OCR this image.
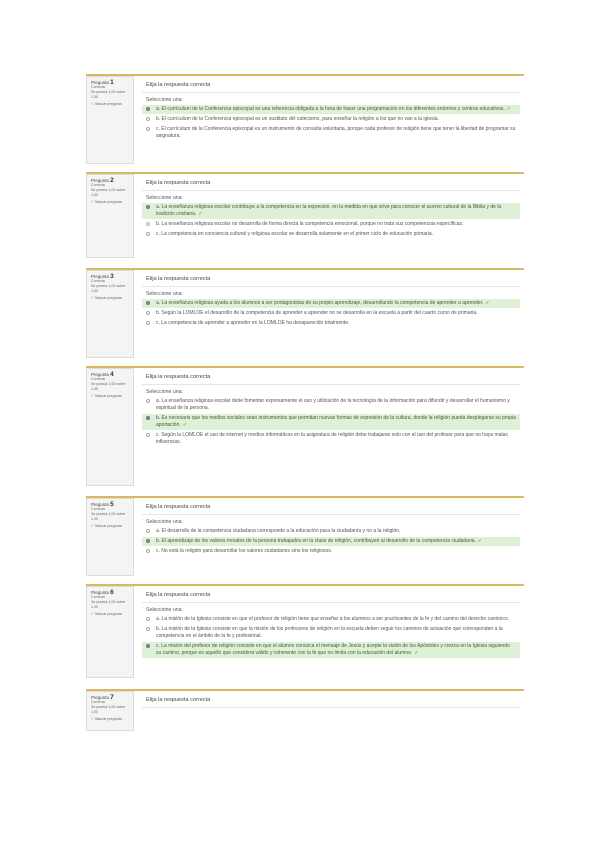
Pregunta 1
Correcta
Se puntúa 1,00 sobre 1,00
⚐ Marcar pregunta
Elija la respuesta correcta
Seleccione una:
a. El currículum de la Conferencia episcopal es una referencia obligada a la hora de hacer una programación en los diferentes entornos y centros educativos. ✓
b. El currículum de la Conferencia episcopal es un sustituto del catecismo, para enseñar la religión a los que no van a la iglesia.
c. El currículum de la Conferencia episcopal es un instrumento de consulta voluntaria, porque cada profesor de religión tiene que tener la libertad de programar su asignatura.
Pregunta 2
Correcta
Se puntúa 1,00 sobre 1,00
⚐ Marcar pregunta
Elija la respuesta correcta
Seleccione una:
a. La enseñanza religiosa escolar contribuye a la competencia en la expresión, en la medida en que sirve para conocer el acervo cultural de la Biblia y de la tradición cristiana. ✓
b. La enseñanza religiosa escolar no desarrolla de forma directa la competencia emocional, porque no trata sus competencias específicas.
c. La competencia en conciencia cultural y religiosa escolar se desarrolla solamente en el primer ciclo de educación primaria.
Pregunta 3
Correcta
Se puntúa 1,00 sobre 1,00
⚐ Marcar pregunta
Elija la respuesta correcta
Seleccione una:
a. La enseñanza religiosa ayuda a los alumnos a ser protagonistas de su propio aprendizaje, desarrollando la competencia de aprender a aprender. ✓
b. Según la LOMLOE el desarrollo de la competencia de aprender a aprender no se desarrolla en la escuela a partir del cuarto curso de primaria.
c. La competencia de aprender a aprender en la LOMLOE ha desaparecido totalmente.
Pregunta 4
Correcta
Se puntúa 1,00 sobre 1,00
⚐ Marcar pregunta
Elija la respuesta correcta
Seleccione una:
a. La enseñanza religiosa escolar debe fomentar expresamente el uso y utilización de la tecnología de la información para difundir y desarrollar el humanismo y espiritual de la persona.
b. Es necesario que los medios sociales sean instrumentos que permitan nuevas formas de expresión de la cultura, donde la religión pueda desplegarse su propia aportación. ✓
c. Según la LOMLOE el uso de internet y medios informáticos en la asignatura de religión debe trabajarse solo con el uso del profesor para que no haya malas influencias.
Pregunta 5
Correcta
Se puntúa 1,00 sobre 1,00
⚐ Marcar pregunta
Elija la respuesta correcta
Seleccione una:
a. El desarrollo de la competencia ciudadana corresponde a la educación para la ciudadanía y no a la religión.
b. El aprendizaje de los valores morales de la persona trabajados en la clase de religión, contribuyen al desarrollo de la competencia ciudadana. ✓
c. No está la religión para desarrollar los valores ciudadanos sino los religiosos.
Pregunta 6
Correcta
Se puntúa 1,00 sobre 1,00
⚐ Marcar pregunta
Elija la respuesta correcta
Seleccione una:
a. La misión de la Iglesia consiste en que el profesor de religión tiene que enseñar a los alumnos a ser practicantes de la fe y del camino del derecho canónico.
b. La misión de la Iglesia consiste en que la misión de los profesores de religión en la escuela deben seguir los caminos de actuación que corresponden a la competencia en el ámbito de la fe y profesional.
c. La misión del profesor de religión consiste en que el alumno conozca el mensaje de Jesús y acepte la visión de los Apóstoles y crezca en la Iglesia siguiendo su camino, porque es aquello que considera válido y coherente con la fe que no limita con la educación del alumno. ✓
Pregunta 7
Correcta
Se puntúa 1,00 sobre 1,00
⚐ Marcar pregunta
Elija la respuesta correcta
